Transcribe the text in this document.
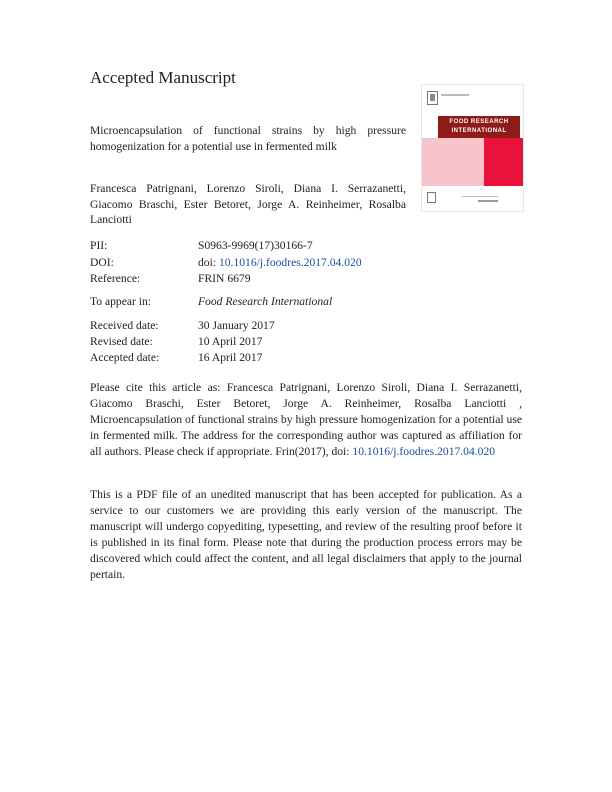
Accepted Manuscript
Microencapsulation of functional strains by high pressure homogenization for a potential use in fermented milk
Francesca Patrignani, Lorenzo Siroli, Diana I. Serrazanetti, Giacomo Braschi, Ester Betoret, Jorge A. Reinheimer, Rosalba Lanciotti
FOOD RESEARCH
INTERNATIONAL
PII:	S0963-9969(17)30166-7
DOI:	doi: 10.1016/j.foodres.2017.04.020
Reference:	FRIN 6679
To appear in:	Food Research International
Received date:	30 January 2017
Revised date:	10 April 2017
Accepted date:	16 April 2017
Please cite this article as: Francesca Patrignani, Lorenzo Siroli, Diana I. Serrazanetti, Giacomo Braschi, Ester Betoret, Jorge A. Reinheimer, Rosalba Lanciotti , Microencapsulation of functional strains by high pressure homogenization for a potential use in fermented milk. The address for the corresponding author was captured as affiliation for all authors. Please check if appropriate. Frin(2017), doi: 10.1016/j.foodres.2017.04.020
This is a PDF file of an unedited manuscript that has been accepted for publication. As a service to our customers we are providing this early version of the manuscript. The manuscript will undergo copyediting, typesetting, and review of the resulting proof before it is published in its final form. Please note that during the production process errors may be discovered which could affect the content, and all legal disclaimers that apply to the journal pertain.
